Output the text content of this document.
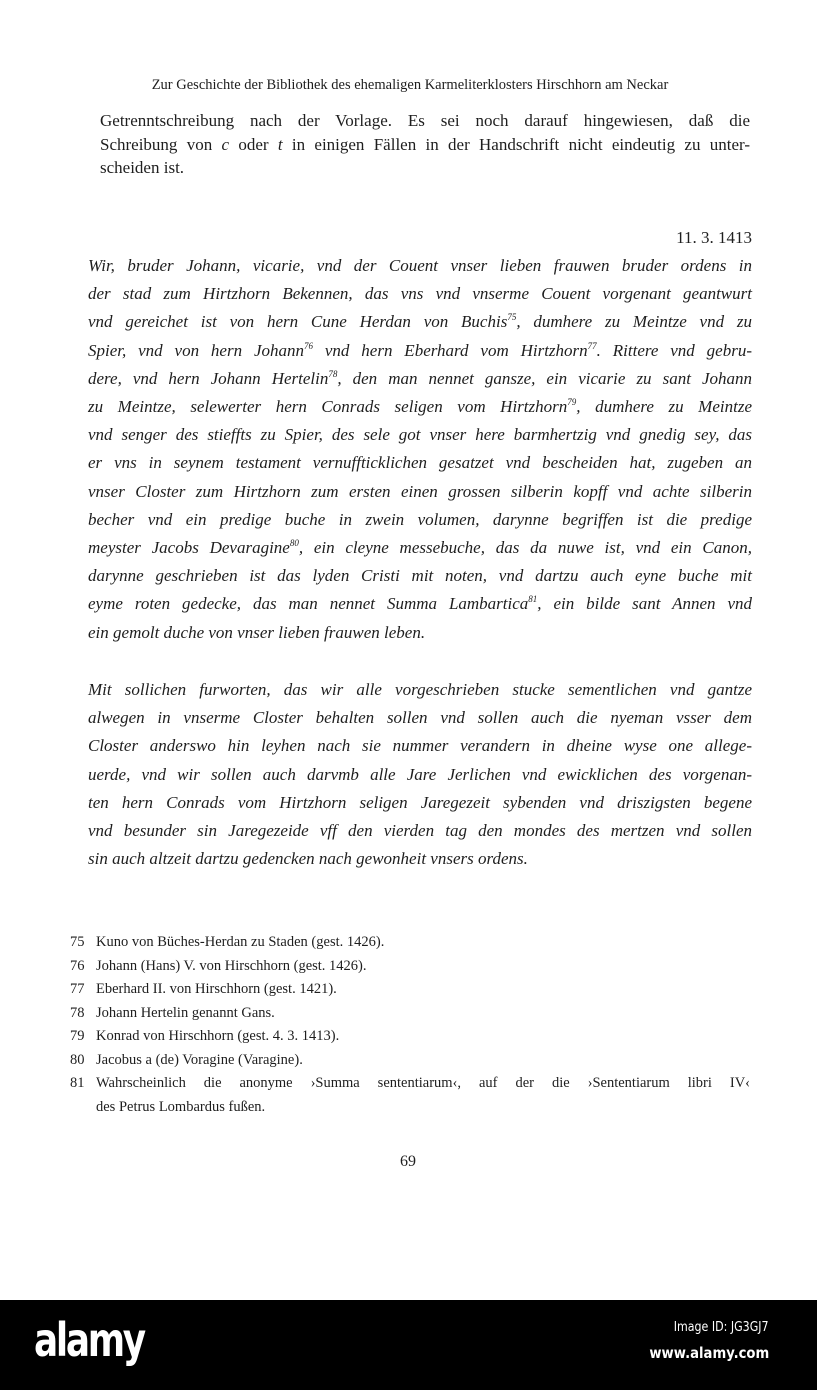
Zur Geschichte der Bibliothek des ehemaligen Karmeliterklosters Hirschhorn am Neckar
Getrenntschreibung nach der Vorlage. Es sei noch darauf hingewiesen, daß die
Schreibung von c oder t in einigen Fällen in der Handschrift nicht eindeutig zu unter-
scheiden ist.
11. 3. 1413
Wir, bruder Johann, vicarie, vnd der Couent vnser lieben frauwen bruder ordens in
der stad zum Hirtzhorn Bekennen, das vns vnd vnserme Couent vorgenant geantwurt
vnd gereichet ist von hern Cune Herdan von Buchis$^{75}$, dumhere zu Meintze vnd zu
Spier, vnd von hern Johann$^{76}$ vnd hern Eberhard vom Hirtzhorn$^{77}$. Rittere vnd gebru-
dere, vnd hern Johann Hertelin$^{78}$, den man nennet gansze, ein vicarie zu sant Johann
zu Meintze, selewerter hern Conrads seligen vom Hirtzhorn$^{79}$, dumhere zu Meintze
vnd senger des stieffts zu Spier, des sele got vnser here barmhertzig vnd gnedig sey, das
er vns in seynem testament vernuffticklichen gesatzet vnd bescheiden hat, zugeben an
vnser Closter zum Hirtzhorn zum ersten einen grossen silberin kopff vnd achte silberin
becher vnd ein predige buche in zwein volumen, darynne begriffen ist die predige
meyster Jacobs Devaragine$^{80}$, ein cleyne messebuche, das da nuwe ist, vnd ein Canon,
darynne geschrieben ist das lyden Cristi mit noten, vnd dartzu auch eyne buche mit
eyme roten gedecke, das man nennet Summa Lambartica$^{81}$, ein bilde sant Annen vnd
ein gemolt duche von vnser lieben frauwen leben.
Mit sollichen furworten, das wir alle vorgeschrieben stucke sementlichen vnd gantze
alwegen in vnserme Closter behalten sollen vnd sollen auch die nyeman vsser dem
Closter anderswo hin leyhen nach sie nummer verandern in dheine wyse one allege-
uerde, vnd wir sollen auch darvmb alle Jare Jerlichen vnd ewicklichen des vorgenan-
ten hern Conrads vom Hirtzhorn seligen Jaregezeit sybenden vnd driszigsten begene
vnd besunder sin Jaregezeide vff den vierden tag den mondes des mertzen vnd sollen
sin auch altzeit dartzu gedencken nach gewonheit vnsers ordens.
75 Kuno von Büches-Herdan zu Staden (gest. 1426).
76 Johann (Hans) V. von Hirschhorn (gest. 1426).
77 Eberhard II. von Hirschhorn (gest. 1421).
78 Johann Hertelin genannt Gans.
79 Konrad von Hirschhorn (gest. 4. 3. 1413).
80 Jacobus a (de) Voragine (Varagine).
81 Wahrscheinlich die anonyme ›Summa sententiarum‹, auf der die ›Sententiarum libri IV‹
des Petrus Lombardus fußen.
69
alamy	Image ID: JG3GJ7
www.alamy.com
